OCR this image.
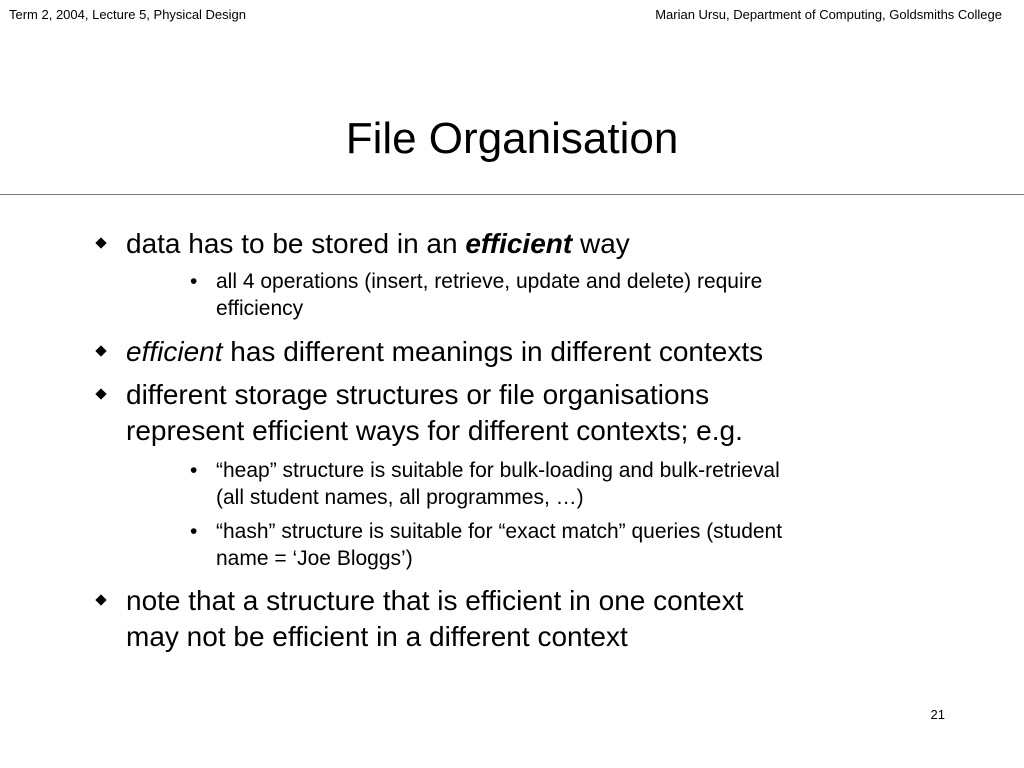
Term 2, 2004, Lecture 5, Physical Design	Marian Ursu, Department of Computing, Goldsmiths College
File Organisation
data has to be stored in an efficient way
• all 4 operations (insert, retrieve, update and delete) require
efficiency
efficient has different meanings in different contexts
different storage structures or file organisations
represent efficient ways for different contexts; e.g.
• “heap” structure is suitable for bulk-loading and bulk-retrieval
(all student names, all programmes, …)
• “hash” structure is suitable for “exact match” queries (student
name = ‘Joe Bloggs’)
note that a structure that is efficient in one context
may not be efficient in a different context
21
